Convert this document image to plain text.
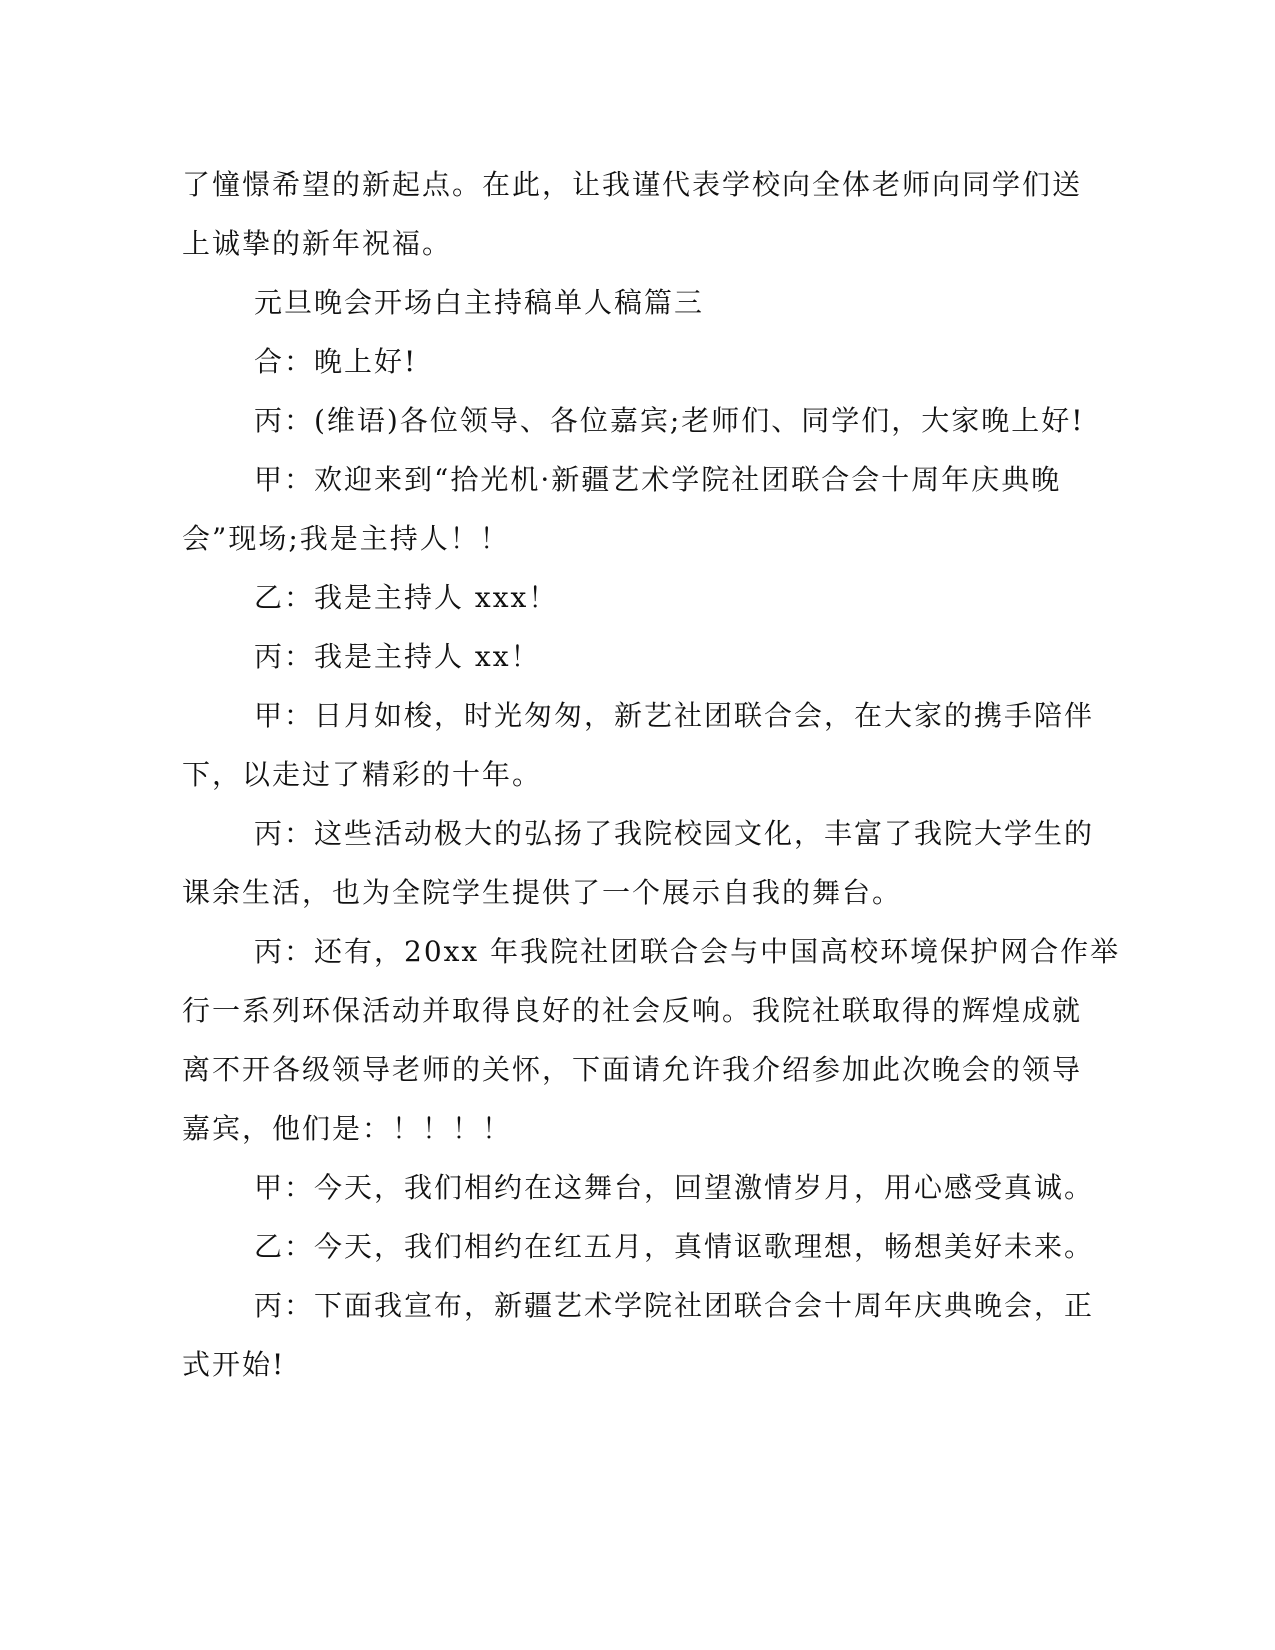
了憧憬希望的新起点。在此，让我谨代表学校向全体老师向同学们送
上诚挚的新年祝福。
元旦晚会开场白主持稿单人稿篇三
合：晚上好!
丙：(维语)各位领导、各位嘉宾;老师们、同学们，大家晚上好!
甲：欢迎来到“拾光机·新疆艺术学院社团联合会十周年庆典晚
会”现场;我是主持人！！
乙：我是主持人 xxx！
丙：我是主持人 xx！
甲：日月如梭，时光匆匆，新艺社团联合会，在大家的携手陪伴
下，以走过了精彩的十年。
丙：这些活动极大的弘扬了我院校园文化，丰富了我院大学生的
课余生活，也为全院学生提供了一个展示自我的舞台。
丙：还有，20xx 年我院社团联合会与中国高校环境保护网合作举
行一系列环保活动并取得良好的社会反响。我院社联取得的辉煌成就
离不开各级领导老师的关怀，下面请允许我介绍参加此次晚会的领导
嘉宾，他们是：！！！！
甲：今天，我们相约在这舞台，回望激情岁月，用心感受真诚。
乙：今天，我们相约在红五月，真情讴歌理想，畅想美好未来。
丙：下面我宣布，新疆艺术学院社团联合会十周年庆典晚会，正
式开始!
